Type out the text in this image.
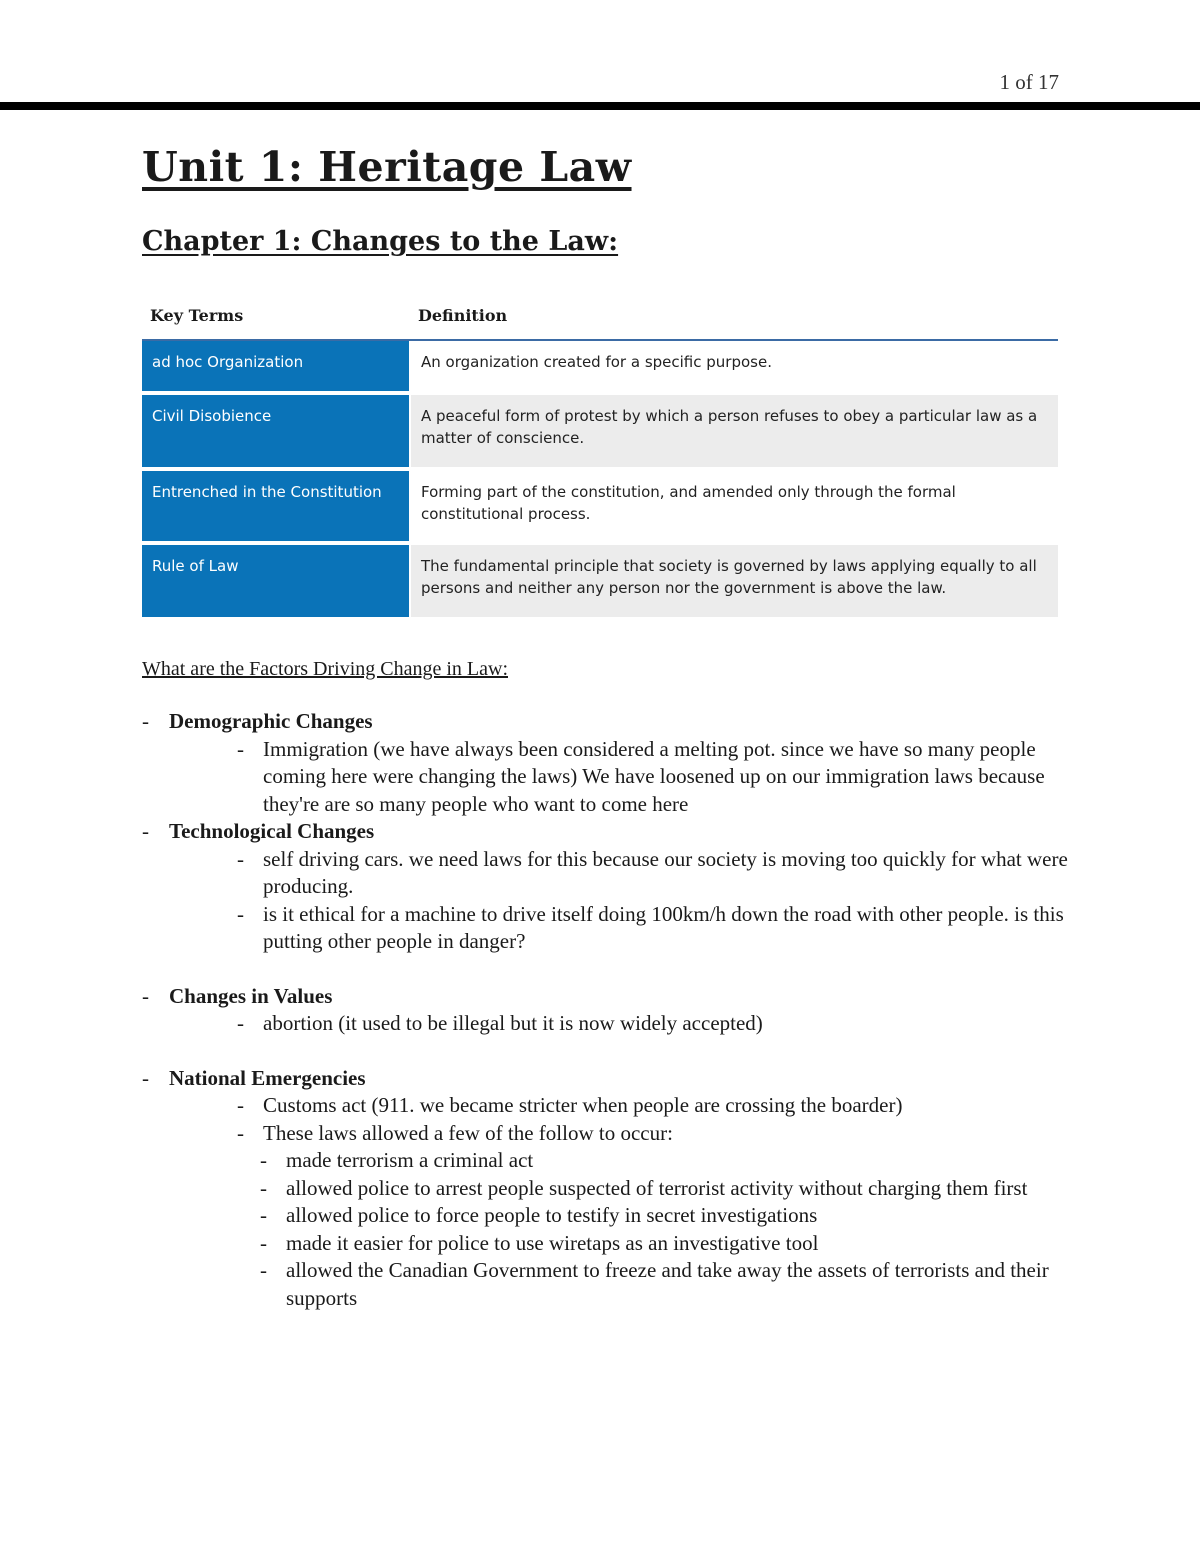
1 of 17
Unit 1: Heritage Law
Chapter 1: Changes to the Law:
Key Terms	Definition
ad hoc Organization	An organization created for a specific purpose.
Civil Disobience	A peaceful form of protest by which a person refuses to obey a particular law as a matter of conscience.
Entrenched in the Constitution	Forming part of the constitution, and amended only through the formal constitutional process.
Rule of Law	The fundamental principle that society is governed by laws applying equally to all persons and neither any person nor the government is above the law.
What are the Factors Driving Change in Law:
- Demographic Changes
- Immigration (we have always been considered a melting pot. since we have so many people coming here were changing the laws) We have loosened up on our immigration laws because they're are so many people who want to come here
- Technological Changes
- self driving cars. we need laws for this because our society is moving too quickly for what were producing.
- is it ethical for a machine to drive itself doing 100km/h down the road with other people. is this putting other people in danger?
- Changes in Values
- abortion (it used to be illegal but it is now widely accepted)
- National Emergencies
- Customs act (911. we became stricter when people are crossing the boarder)
- These laws allowed a few of the follow to occur:
- made terrorism a criminal act
- allowed police to arrest people suspected of terrorist activity without charging them first
- allowed police to force people to testify in secret investigations
- made it easier for police to use wiretaps as an investigative tool
- allowed the Canadian Government to freeze and take away the assets of terrorists and their supports
